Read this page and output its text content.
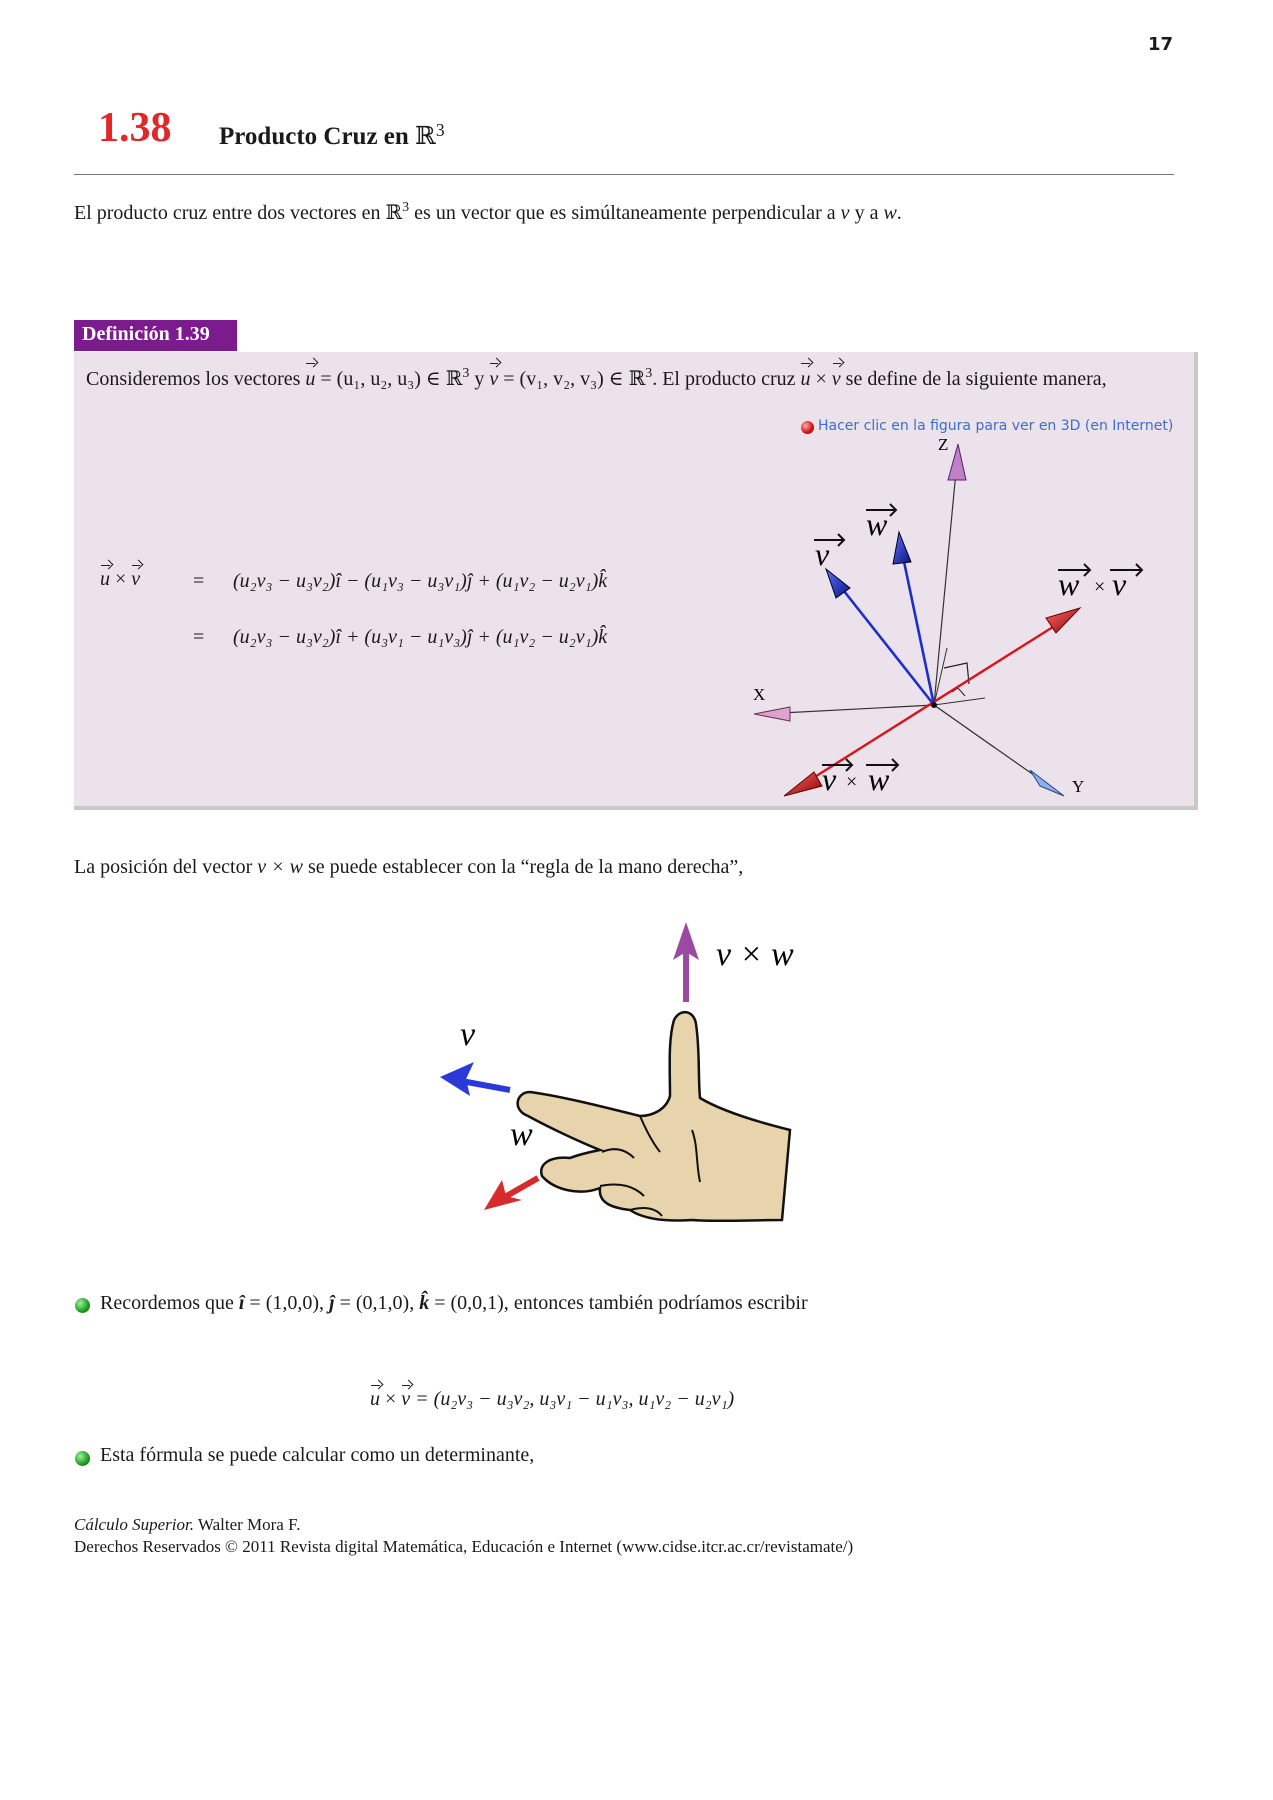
17
1.38 Producto Cruz en ℝ$^3$
El producto cruz entre dos vectores en ℝ$^3$ es un vector que es simúltaneamente perpendicular a v y a w.
Definición 1.39
Consideremos los vectores u = (u₁, u₂, u₃) ∈ ℝ$^3$ y v = (v₁, v₂, v₃) ∈ ℝ$^3$. El producto cruz u × v se define de la siguiente manera,
Hacer clic en la figura para ver en 3D (en Internet)
u × v	= (u₂v₃ − u₃v₂)î − (u₁v₃ − u₃v₁)ĵ + (u₁v₂ − u₂v₁)k̂
= (u₂v₃ − u₃v₂)î + (u₃v₁ − u₁v₃)ĵ + (u₁v₂ − u₂v₁)k̂
Z
X
Y
v
w
w v
v w
×
×
La posición del vector v × w se puede establecer con la “regla de la mano derecha”,
v × w
v
w
Recordemos que î = (1,0,0), ĵ = (0,1,0), k̂ = (0,0,1), entonces también podríamos escribir
u × v = (u₂v₃ − u₃v₂, u₃v₁ − u₁v₃, u₁v₂ − u₂v₁)
Esta fórmula se puede calcular como un determinante,
Cálculo Superior. Walter Mora F.
Derechos Reservados © 2011 Revista digital Matemática, Educación e Internet (www.cidse.itcr.ac.cr/revistamate/)
